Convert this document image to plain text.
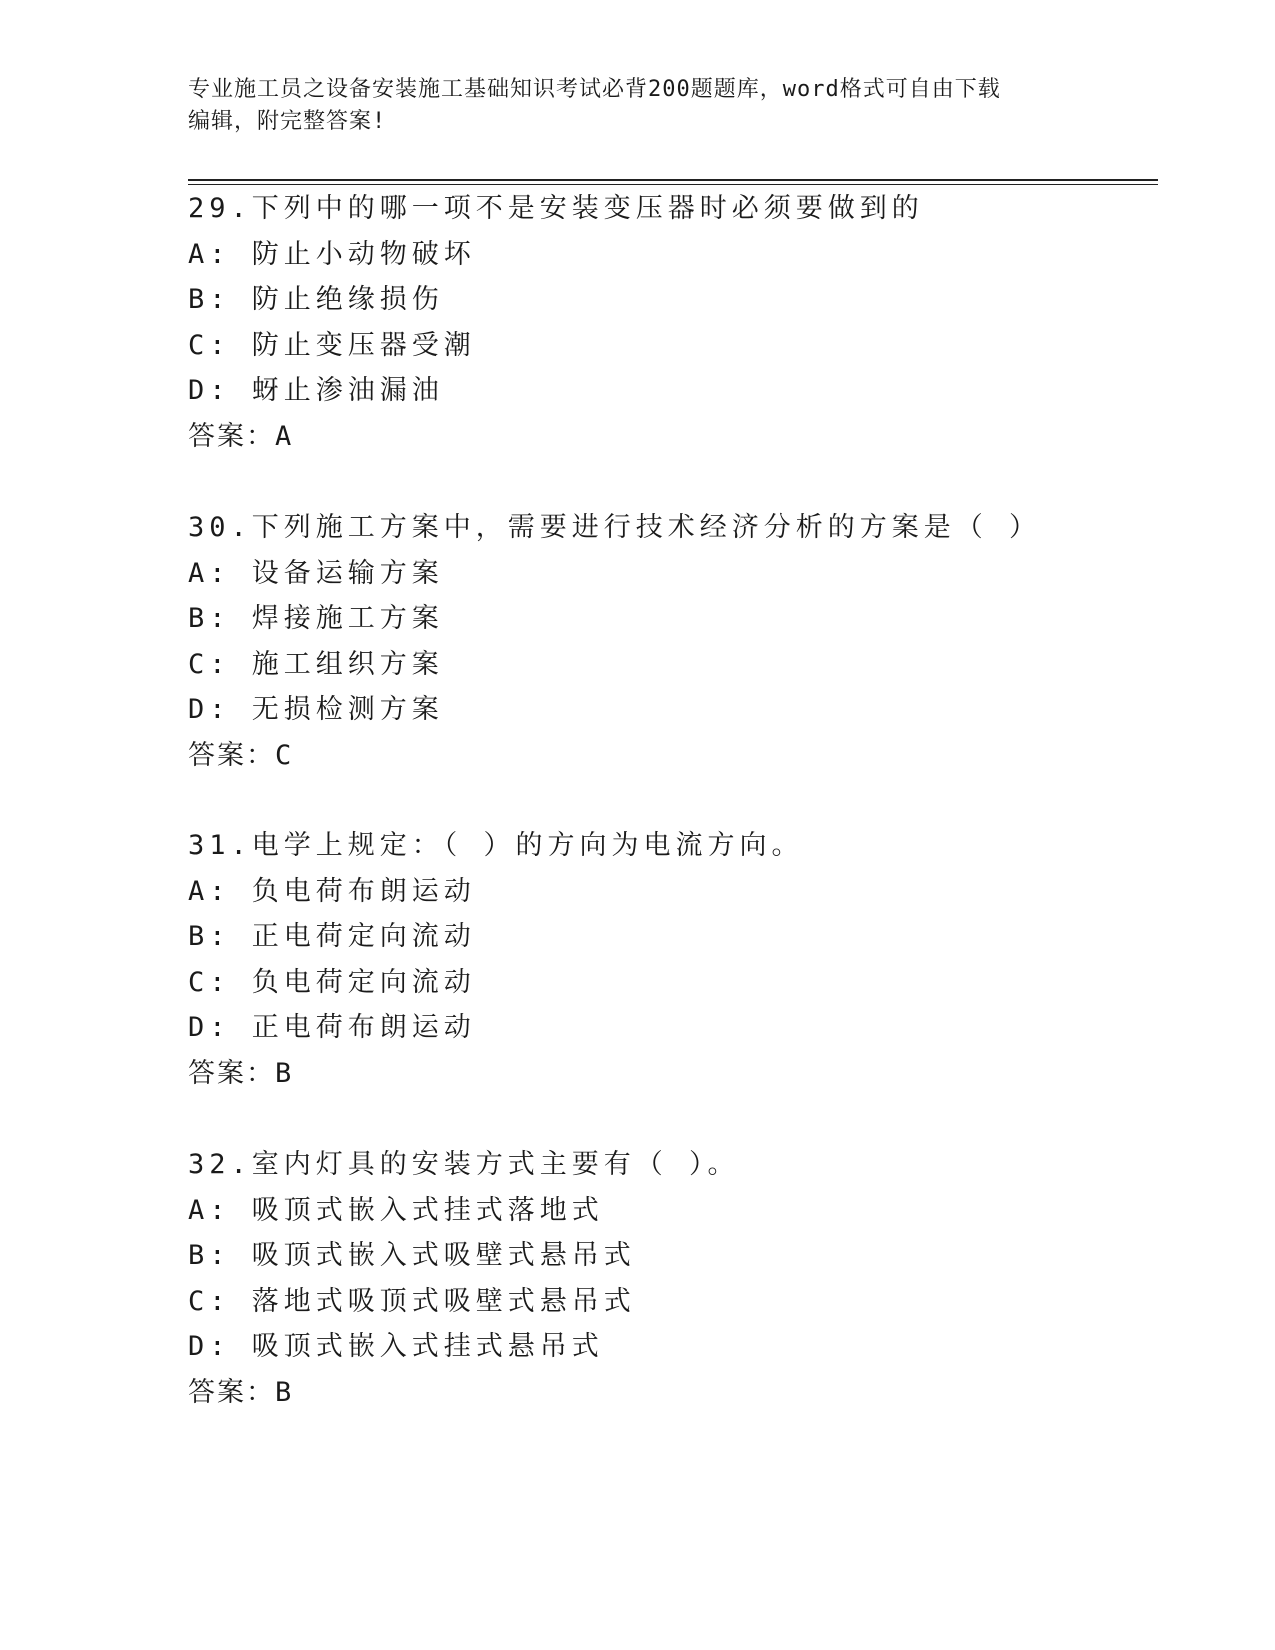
专业施工员之设备安装施工基础知识考试必背200题题库，word格式可自由下载
编辑，附完整答案!
29.下列中的哪一项不是安装变压器时必须要做到的
A: 防止小动物破坏
B: 防止绝缘损伤
C: 防止变压器受潮
D: 蚜止渗油漏油
答案：A
30.下列施工方案中，需要进行技术经济分析的方案是（ ）
A: 设备运输方案
B: 焊接施工方案
C: 施工组织方案
D: 无损检测方案
答案：C
31.电学上规定：（ ）的方向为电流方向。
A: 负电荷布朗运动
B: 正电荷定向流动
C: 负电荷定向流动
D: 正电荷布朗运动
答案：B
32.室内灯具的安装方式主要有（ ）。
A: 吸顶式嵌入式挂式落地式
B: 吸顶式嵌入式吸壁式悬吊式
C: 落地式吸顶式吸壁式悬吊式
D: 吸顶式嵌入式挂式悬吊式
答案：B
